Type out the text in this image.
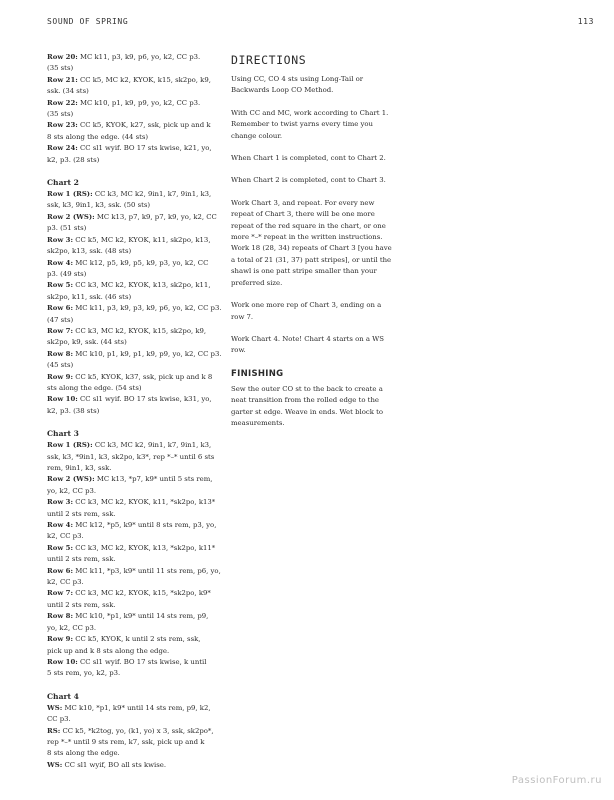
SOUND OF SPRING	113
Row 20: MC k11, p3, k9, p6, yo, k2, CC p3.
(35 sts)
Row 21: CC k5, MC k2, KYOK, k15, sk2po, k9,
ssk. (34 sts)
Row 22: MC k10, p1, k9, p9, yo, k2, CC p3.
(35 sts)
Row 23: CC k5, KYOK, k27, ssk, pick up and k
8 sts along the edge. (44 sts)
Row 24: CC sl1 wyif. BO 17 sts kwise, k21, yo,
k2, p3. (28 sts)
Chart 2
Row 1 (RS): CC k3, MC k2, 9in1, k7, 9in1, k3,
ssk, k3, 9in1, k3, ssk. (50 sts)
Row 2 (WS): MC k13, p7, k9, p7, k9, yo, k2, CC
p3. (51 sts)
Row 3: CC k5, MC k2, KYOK, k11, sk2po, k13,
sk2po, k13, ssk. (48 sts)
Row 4: MC k12, p5, k9, p5, k9, p3, yo, k2, CC
p3. (49 sts)
Row 5: CC k3, MC k2, KYOK, k13, sk2po, k11,
sk2po, k11, ssk. (46 sts)
Row 6: MC k11, p3, k9, p3, k9, p6, yo, k2, CC p3.
(47 sts)
Row 7: CC k3, MC k2, KYOK, k15, sk2po, k9,
sk2po, k9, ssk. (44 sts)
Row 8: MC k10, p1, k9, p1, k9, p9, yo, k2, CC p3.
(45 sts)
Row 9: CC k5, KYOK, k37, ssk, pick up and k 8
sts along the edge. (54 sts)
Row 10: CC sl1 wyif. BO 17 sts kwise, k31, yo,
k2, p3. (38 sts)
Chart 3
Row 1 (RS): CC k3, MC k2, 9in1, k7, 9in1, k3,
ssk, k3, *9in1, k3, sk2po, k3*, rep *–* until 6 sts
rem, 9in1, k3, ssk.
Row 2 (WS): MC k13, *p7, k9* until 5 sts rem,
yo, k2, CC p3.
Row 3: CC k3, MC k2, KYOK, k11, *sk2po, k13*
until 2 sts rem, ssk.
Row 4: MC k12, *p5, k9* until 8 sts rem, p3, yo,
k2, CC p3.
Row 5: CC k3, MC k2, KYOK, k13, *sk2po, k11*
until 2 sts rem, ssk.
Row 6: MC k11, *p3, k9* until 11 sts rem, p6, yo,
k2, CC p3.
Row 7: CC k3, MC k2, KYOK, k15, *sk2po, k9*
until 2 sts rem, ssk.
Row 8: MC k10, *p1, k9* until 14 sts rem, p9,
yo, k2, CC p3.
Row 9: CC k5, KYOK, k until 2 sts rem, ssk,
pick up and k 8 sts along the edge.
Row 10: CC sl1 wyif. BO 17 sts kwise, k until
5 sts rem, yo, k2, p3.
Chart 4
WS: MC k10, *p1, k9* until 14 sts rem, p9, k2,
CC p3.
RS: CC k5, *k2tog, yo, (k1, yo) x 3, ssk, sk2po*,
rep *–* until 9 sts rem, k7, ssk, pick up and k
8 sts along the edge.
WS: CC sl1 wyif, BO all sts kwise.
DIRECTIONS
Using CC, CO 4 sts using Long-Tail or
Backwards Loop CO Method.
With CC and MC, work according to Chart 1.
Remember to twist yarns every time you
change colour.
When Chart 1 is completed, cont to Chart 2.
When Chart 2 is completed, cont to Chart 3.
Work Chart 3, and repeat. For every new
repeat of Chart 3, there will be one more
repeat of the red square in the chart, or one
more *–* repeat in the written instructions.
Work 18 (28, 34) repeats of Chart 3 [you have
a total of 21 (31, 37) patt stripes], or until the
shawl is one patt stripe smaller than your
preferred size.
Work one more rep of Chart 3, ending on a
row 7.
Work Chart 4. Note! Chart 4 starts on a WS
row.
FINISHING
Sew the outer CO st to the back to create a
neat transition from the rolled edge to the
garter st edge. Weave in ends. Wet block to
measurements.
PassionForum.ru
